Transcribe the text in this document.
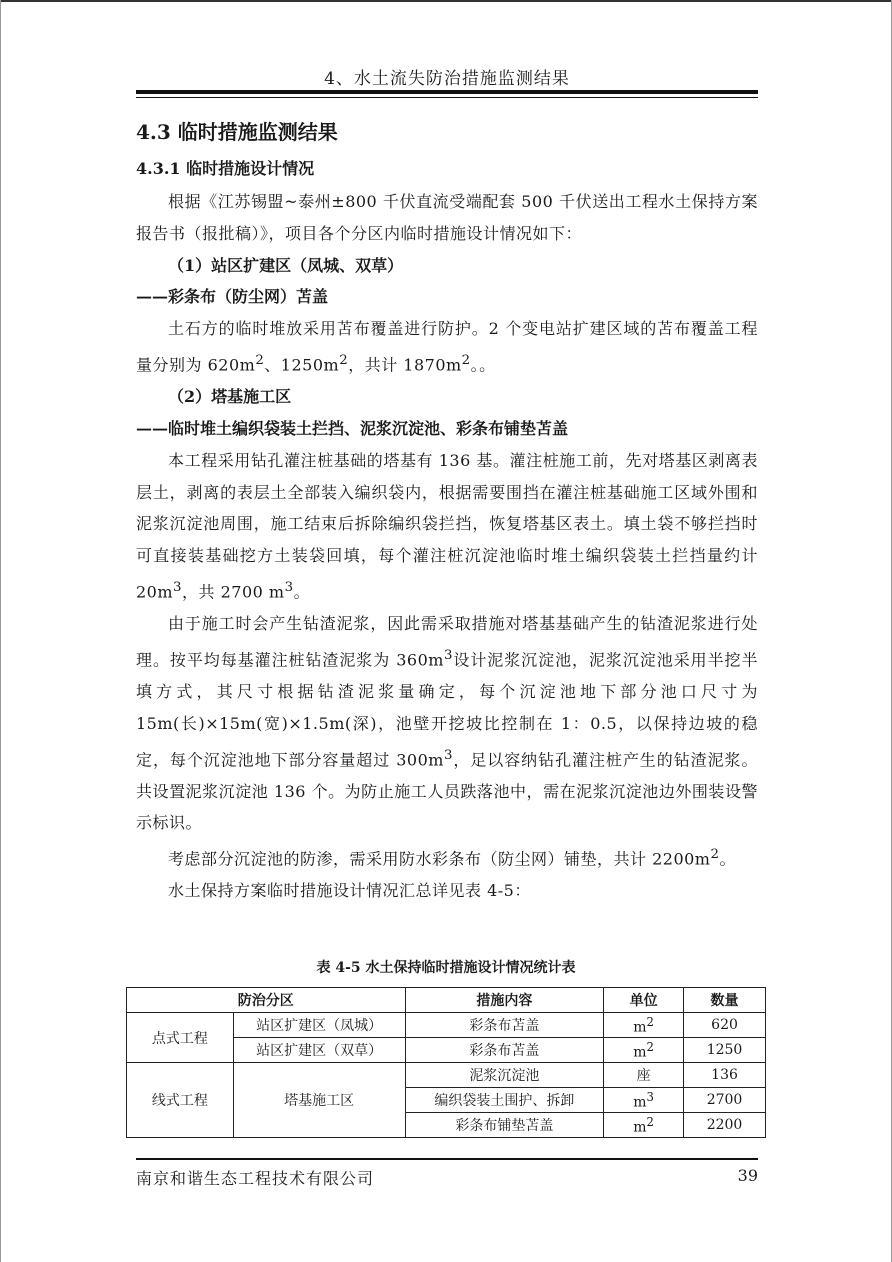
4、水土流失防治措施监测结果

4.3 临时措施监测结果

4.3.1 临时措施设计情况

根据《江苏锡盟~泰州±800 千伏直流受端配套 500 千伏送出工程水土保持方案报告书（报批稿）》，项目各个分区内临时措施设计情况如下：

（1）站区扩建区（凤城、双草）

——彩条布（防尘网）苫盖

土石方的临时堆放采用苫布覆盖进行防护。2 个变电站扩建区域的苫布覆盖工程量分别为 $620m^2$、$1250m^2$，共计 $1870m^2$。。

（2）塔基施工区

——临时堆土编织袋装土拦挡、泥浆沉淀池、彩条布铺垫苫盖

本工程采用钻孔灌注桩基础的塔基有 136 基。灌注桩施工前，先对塔基区剥离表层土，剥离的表层土全部装入编织袋内，根据需要围挡在灌注桩基础施工区域外围和泥浆沉淀池周围，施工结束后拆除编织袋拦挡，恢复塔基区表土。填土袋不够拦挡时可直接装基础挖方土装袋回填，每个灌注桩沉淀池临时堆土编织袋装土拦挡量约计 $20m^3$，共 2700 $m^3$。

由于施工时会产生钻渣泥浆，因此需采取措施对塔基基础产生的钻渣泥浆进行处理。按平均每基灌注桩钻渣泥浆为 $360m^3$设计泥浆沉淀池，泥浆沉淀池采用半挖半填方式，其尺寸根据钻渣泥浆量确定，每个沉淀池地下部分池口尺寸为 15m(长)×15m(宽)×1.5m(深)，池壁开挖坡比控制在 1：0.5，以保持边坡的稳定，每个沉淀池地下部分容量超过 $300m^3$，足以容纳钻孔灌注桩产生的钻渣泥浆。共设置泥浆沉淀池 136 个。为防止施工人员跌落池中，需在泥浆沉淀池边外围装设警示标识。

考虑部分沉淀池的防渗，需采用防水彩条布（防尘网）铺垫，共计 $2200m^2$。

水土保持方案临时措施设计情况汇总详见表 4-5：

表 4-5 水土保持临时措施设计情况统计表
防治分区		措施内容	单位	数量
点式工程	站区扩建区（凤城）	彩条布苫盖	$m^2$	620
	站区扩建区（双草）	彩条布苫盖	$m^2$	1250
线式工程	塔基施工区	泥浆沉淀池	座	136
		编织袋装土围护、拆卸	$m^3$	2700
		彩条布铺垫苫盖	$m^2$	2200
南京和谐生态工程技术有限公司	39
